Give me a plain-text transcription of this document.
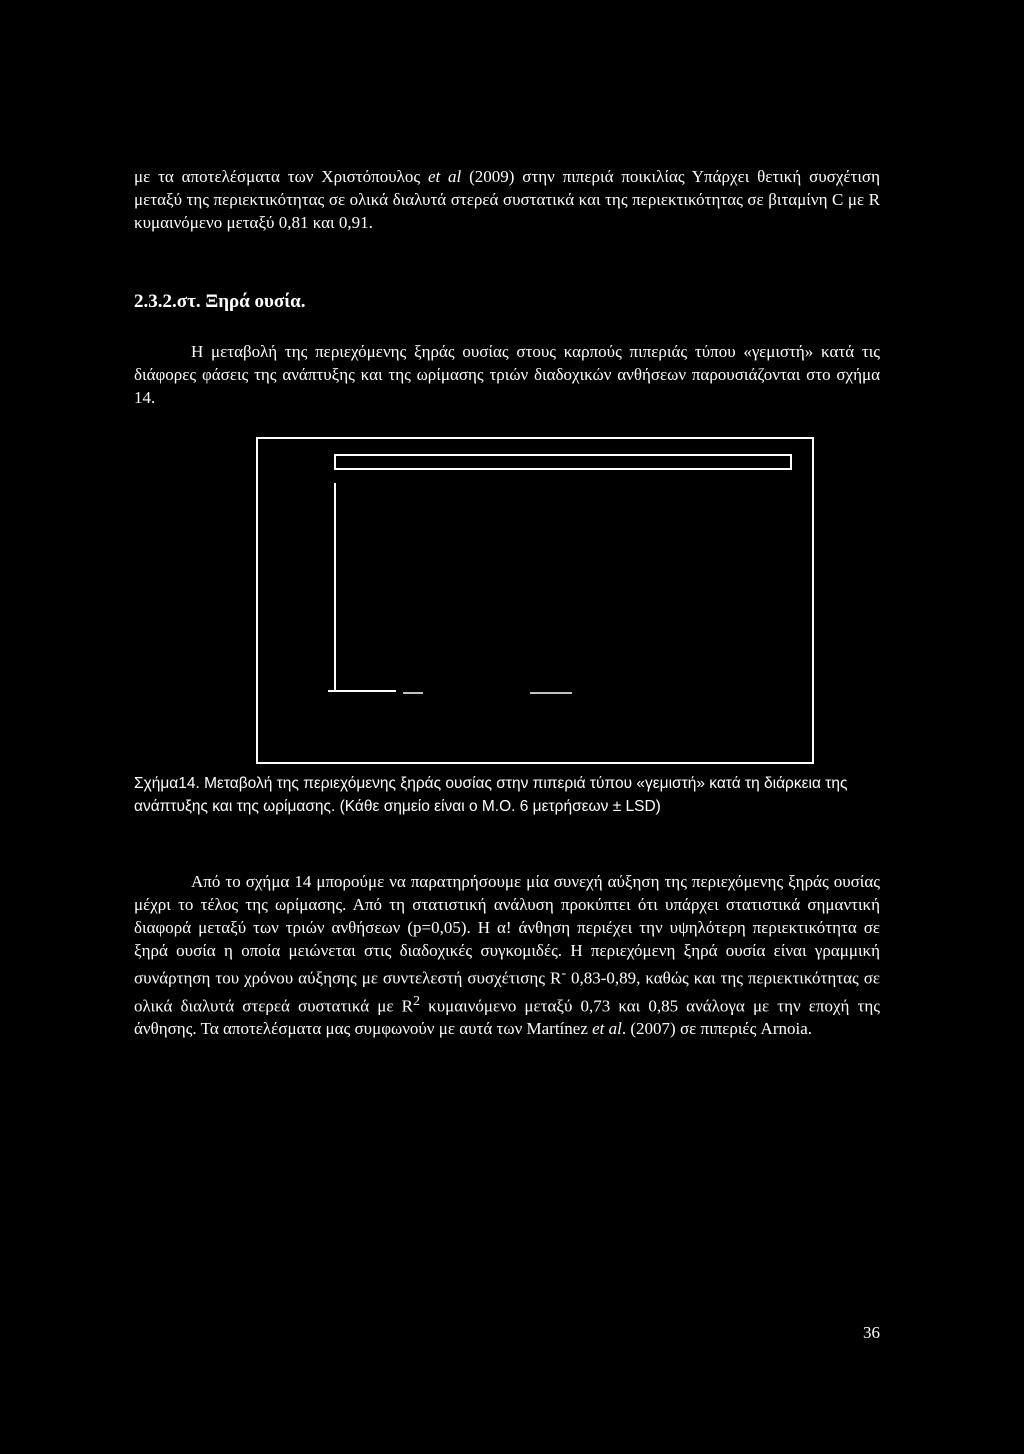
με τα αποτελέσματα των Χριστόπουλος et al (2009) στην πιπεριά ποικιλίας Υπάρχει θετική συσχέτιση μεταξύ της περιεκτικότητας σε ολικά διαλυτά στερεά συστατικά και της περιεκτικότητας σε βιταμίνη C με R κυμαινόμενο μεταξύ 0,81 και 0,91.

2.3.2.στ. Ξηρά ουσία.

Η μεταβολή της περιεχόμενης ξηράς ουσίας στους καρπούς πιπεριάς τύπου «γεμιστή» κατά τις διάφορες φάσεις της ανάπτυξης και της ωρίμασης τριών διαδοχικών ανθήσεων παρουσιάζονται στο σχήμα 14.

Σχήμα14. Μεταβολή της περιεχόμενης ξηράς ουσίας στην πιπεριά τύπου «γεμιστή» κατά τη διάρκεια της ανάπτυξης και της ωρίμασης. (Κάθε σημείο είναι ο Μ.Ο. 6 μετρήσεων ± LSD)

Από το σχήμα 14 μπορούμε να παρατηρήσουμε μία συνεχή αύξηση της περιεχόμενης ξηράς ουσίας μέχρι το τέλος της ωρίμασης. Από τη στατιστική ανάλυση προκύπτει ότι υπάρχει στατιστικά σημαντική διαφορά μεταξύ των τριών ανθήσεων (p=0,05). Η α! άνθηση περιέχει την υψηλότερη περιεκτικότητα σε ξηρά ουσία η οποία μειώνεται στις διαδοχικές συγκομιδές. Η περιεχόμενη ξηρά ουσία είναι γραμμική συνάρτηση του χρόνου αύξησης με συντελεστή συσχέτισης R- 0,83-0,89, καθώς και της περιεκτικότητας σε ολικά διαλυτά στερεά συστατικά με $R^2$ κυμαινόμενο μεταξύ 0,73 και 0,85 ανάλογα με την εποχή της άνθησης. Τα αποτελέσματα μας συμφωνούν με αυτά των Martínez et al. (2007) σε πιπεριές Arnoia.

36
